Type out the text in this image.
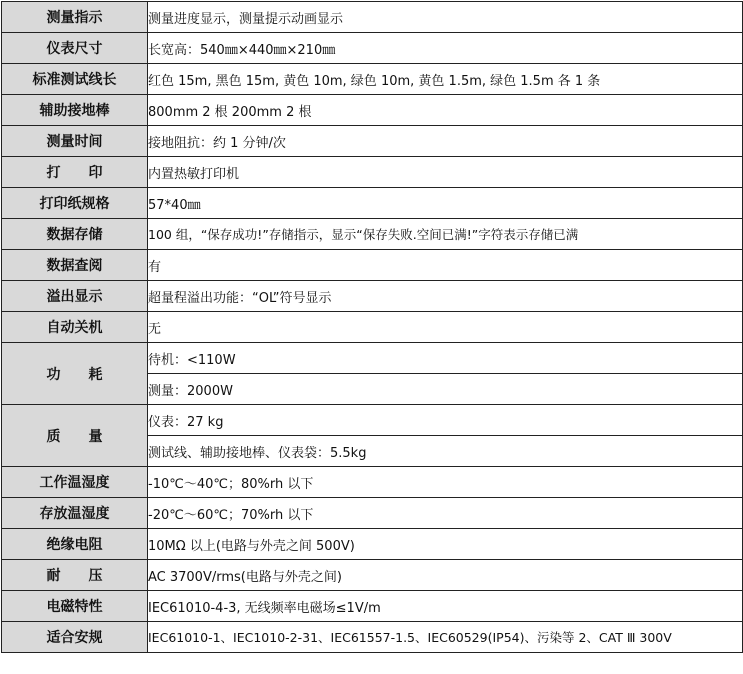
测量指示	测量进度显示，测量提示动画显示
仪表尺寸	长宽高：540㎜×440㎜×210㎜
标准测试线长	红色 15m, 黑色 15m, 黄色 10m, 绿色 10m, 黄色 1.5m, 绿色 1.5m 各 1 条
辅助接地棒	800mm 2 根 200mm 2 根
测量时间	接地阻抗：约 1 分钟/次
打　　印	内置热敏打印机
打印纸规格	57*40㎜
数据存储	100 组，“保存成功!”存储指示，显示“保存失败.空间已满!”字符表示存储已满
数据查阅	有
溢出显示	超量程溢出功能：“OL”符号显示
自动关机	无
功　　耗	待机：<110W
	测量：2000W
质　　量	仪表：27 kg
	测试线、辅助接地棒、仪表袋：5.5kg
工作温湿度	-10℃～40℃；80%rh 以下
存放温湿度	-20℃～60℃；70%rh 以下
绝缘电阻	10MΩ 以上(电路与外壳之间 500V)
耐　　压	AC 3700V/rms(电路与外壳之间)
电磁特性	IEC61010-4-3, 无线频率电磁场≤1V/m
适合安规	IEC61010-1、IEC1010-2-31、IEC61557-1.5、IEC60529(IP54)、污染等 2、CAT Ⅲ 300V
